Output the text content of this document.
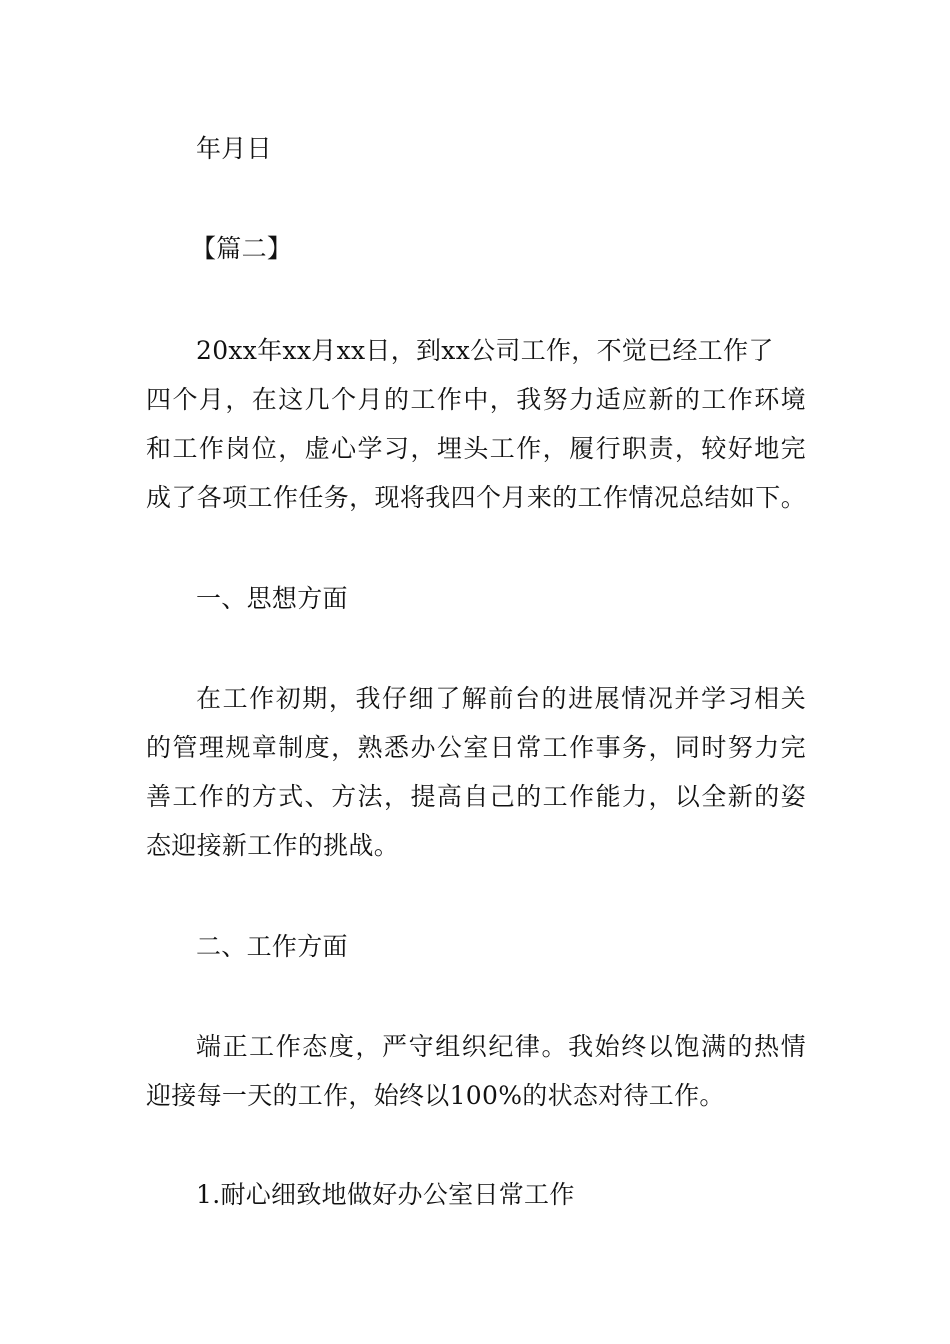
年月日
【篇二】
20xx年xx月xx日，到xx公司工作，不觉已经工作了
四个月，在这几个月的工作中，我努力适应新的工作环境
和工作岗位，虚心学习，埋头工作，履行职责，较好地完
成了各项工作任务，现将我四个月来的工作情况总结如下。
一、思想方面
在工作初期，我仔细了解前台的进展情况并学习相关
的管理规章制度，熟悉办公室日常工作事务，同时努力完
善工作的方式、方法，提高自己的工作能力，以全新的姿
态迎接新工作的挑战。
二、工作方面
端正工作态度，严守组织纪律。我始终以饱满的热情
迎接每一天的工作，始终以100%的状态对待工作。
1.耐心细致地做好办公室日常工作
